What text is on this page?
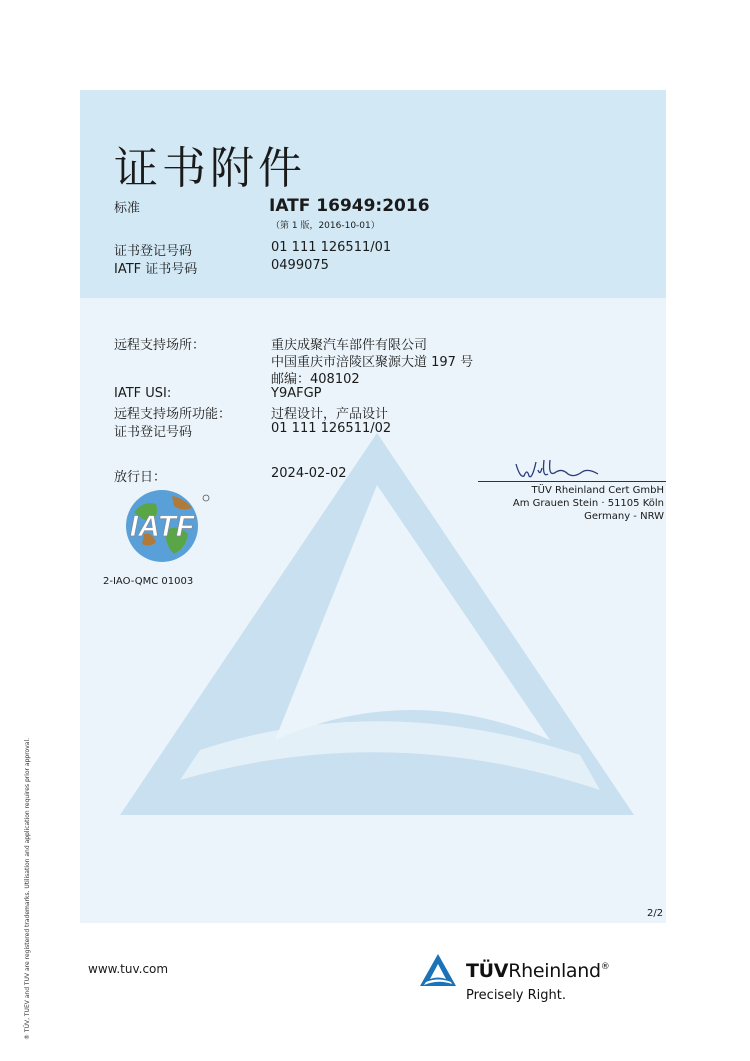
证书附件
标准	IATF 16949:2016
（第 1 版，2016-10-01）
证书登记号码	01 111 126511/01
IATF 证书号码	0499075
远程支持场所：	重庆成聚汽车部件有限公司
中国重庆市涪陵区聚源大道 197 号
邮编：408102
IATF USI:	Y9AFGP
远程支持场所功能：	过程设计，产品设计
证书登记号码	01 111 126511/02
放行日：	2024-02-02
TÜV Rheinland Cert GmbH
Am Grauen Stein · 51105 Köln
Germany - NRW
IATF
2-IAO-QMC 01003
2/2
www.tuv.com
® TÜV, TUEV and TUV are registered trademarks. Utilisation and application requires prior approval.	TÜVRheinland®
Precisely Right.
